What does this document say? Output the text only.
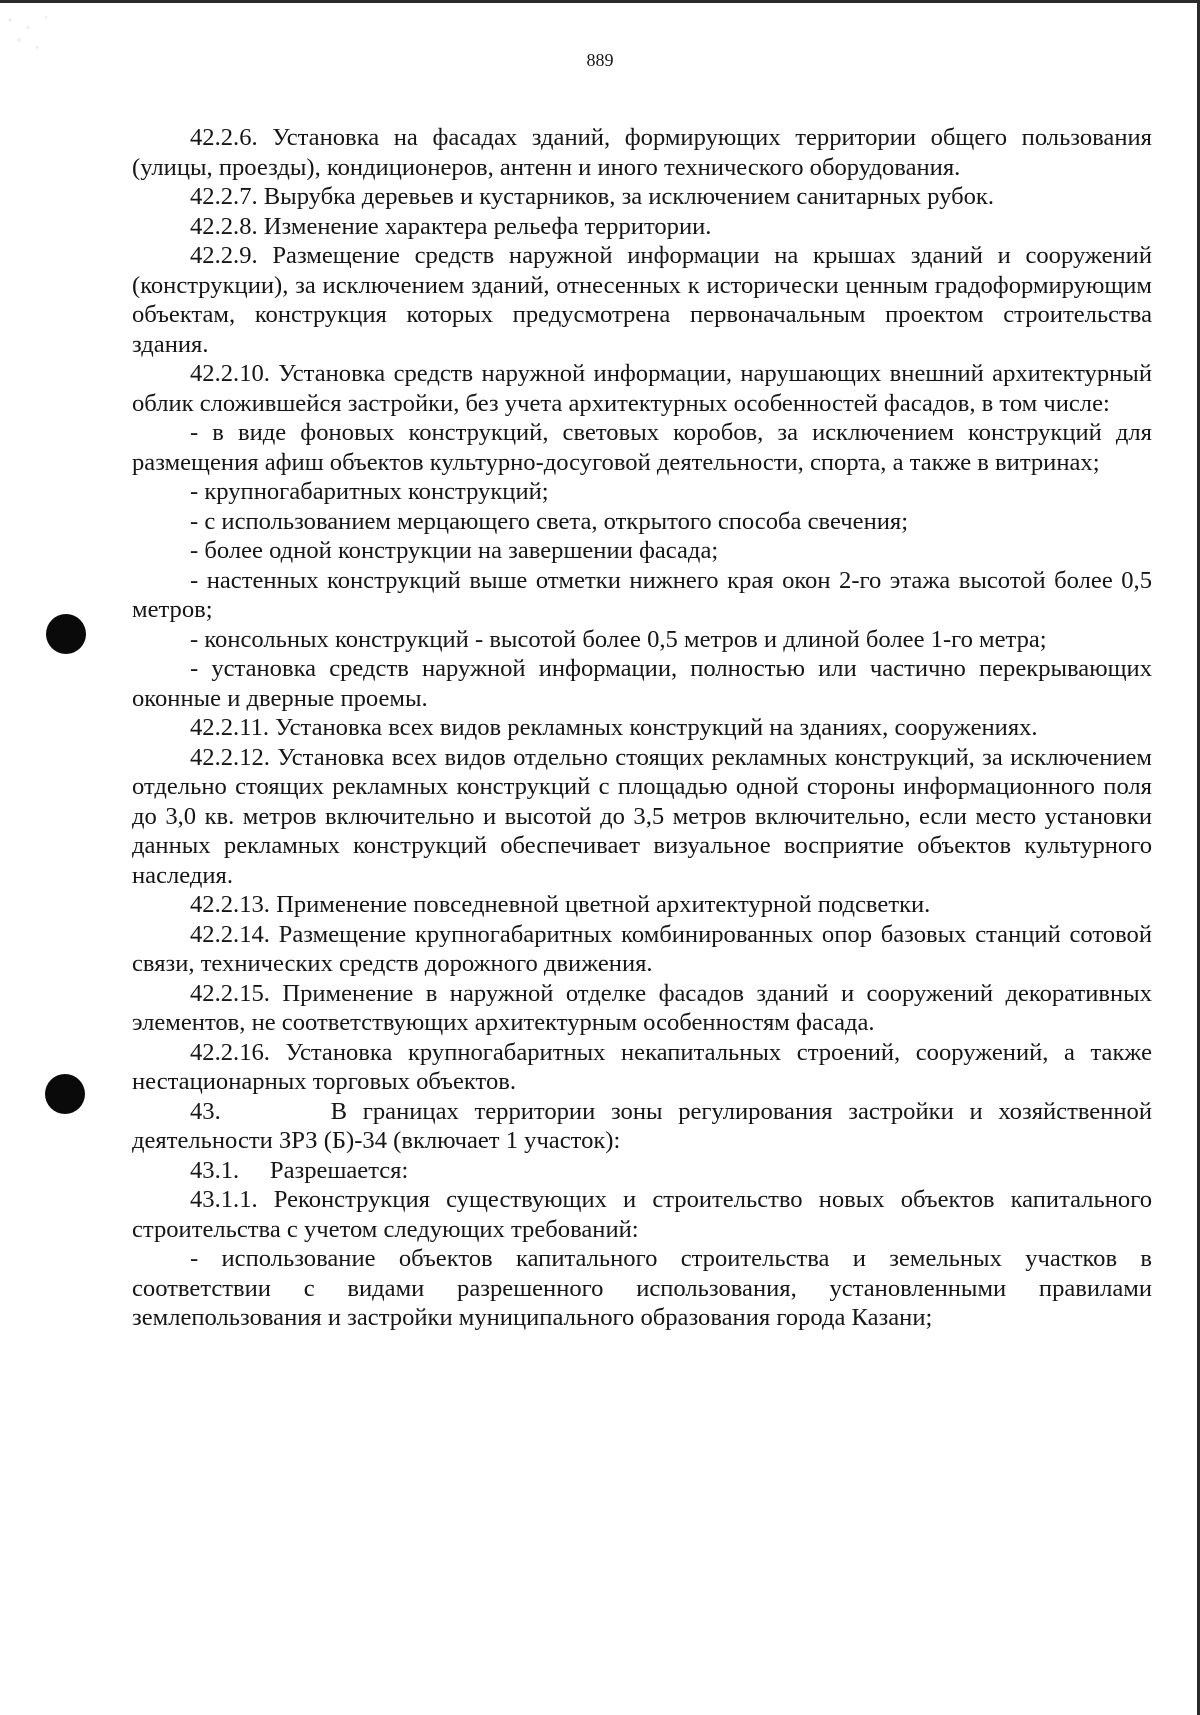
889

42.2.6. Установка на фасадах зданий, формирующих территории общего пользования (улицы, проезды), кондиционеров, антенн и иного технического оборудования.

42.2.7. Вырубка деревьев и кустарников, за исключением санитарных рубок.

42.2.8. Изменение характера рельефа территории.

42.2.9. Размещение средств наружной информации на крышах зданий и сооружений (конструкции), за исключением зданий, отнесенных к исторически ценным градоформирующим объектам, конструкция которых предусмотрена первоначальным проектом строительства здания.

42.2.10. Установка средств наружной информации, нарушающих внешний архитектурный облик сложившейся застройки, без учета архитектурных особенностей фасадов, в том числе:

- в виде фоновых конструкций, световых коробов, за исключением конструкций для размещения афиш объектов культурно-досуговой деятельности, спорта, а также в витринах;

- крупногабаритных конструкций;

- с использованием мерцающего света, открытого способа свечения;

- более одной конструкции на завершении фасада;

- настенных конструкций выше отметки нижнего края окон 2-го этажа высотой более 0,5 метров;

- консольных конструкций - высотой более 0,5 метров и длиной более 1-го метра;

- установка средств наружной информации, полностью или частично перекрывающих оконные и дверные проемы.

42.2.11. Установка всех видов рекламных конструкций на зданиях, сооружениях.

42.2.12. Установка всех видов отдельно стоящих рекламных конструкций, за исключением отдельно стоящих рекламных конструкций с площадью одной стороны информационного поля до 3,0 кв. метров включительно и высотой до 3,5 метров включительно, если место установки данных рекламных конструкций обеспечивает визуальное восприятие объектов культурного наследия.

42.2.13. Применение повседневной цветной архитектурной подсветки.

42.2.14. Размещение крупногабаритных комбинированных опор базовых станций сотовой связи, технических средств дорожного движения.

42.2.15. Применение в наружной отделке фасадов зданий и сооружений декоративных элементов, не соответствующих архитектурным особенностям фасада.

42.2.16. Установка крупногабаритных некапитальных строений, сооружений, а также нестационарных торговых объектов.

43.       В границах территории зоны регулирования застройки и хозяйственной деятельности ЗРЗ (Б)-34 (включает 1 участок):

43.1.     Разрешается:

43.1.1. Реконструкция существующих и строительство новых объектов капитального строительства с учетом следующих требований:

- использование объектов капитального строительства и земельных участков в соответствии с видами разрешенного использования, установленными правилами землепользования и застройки муниципального образования города Казани;
